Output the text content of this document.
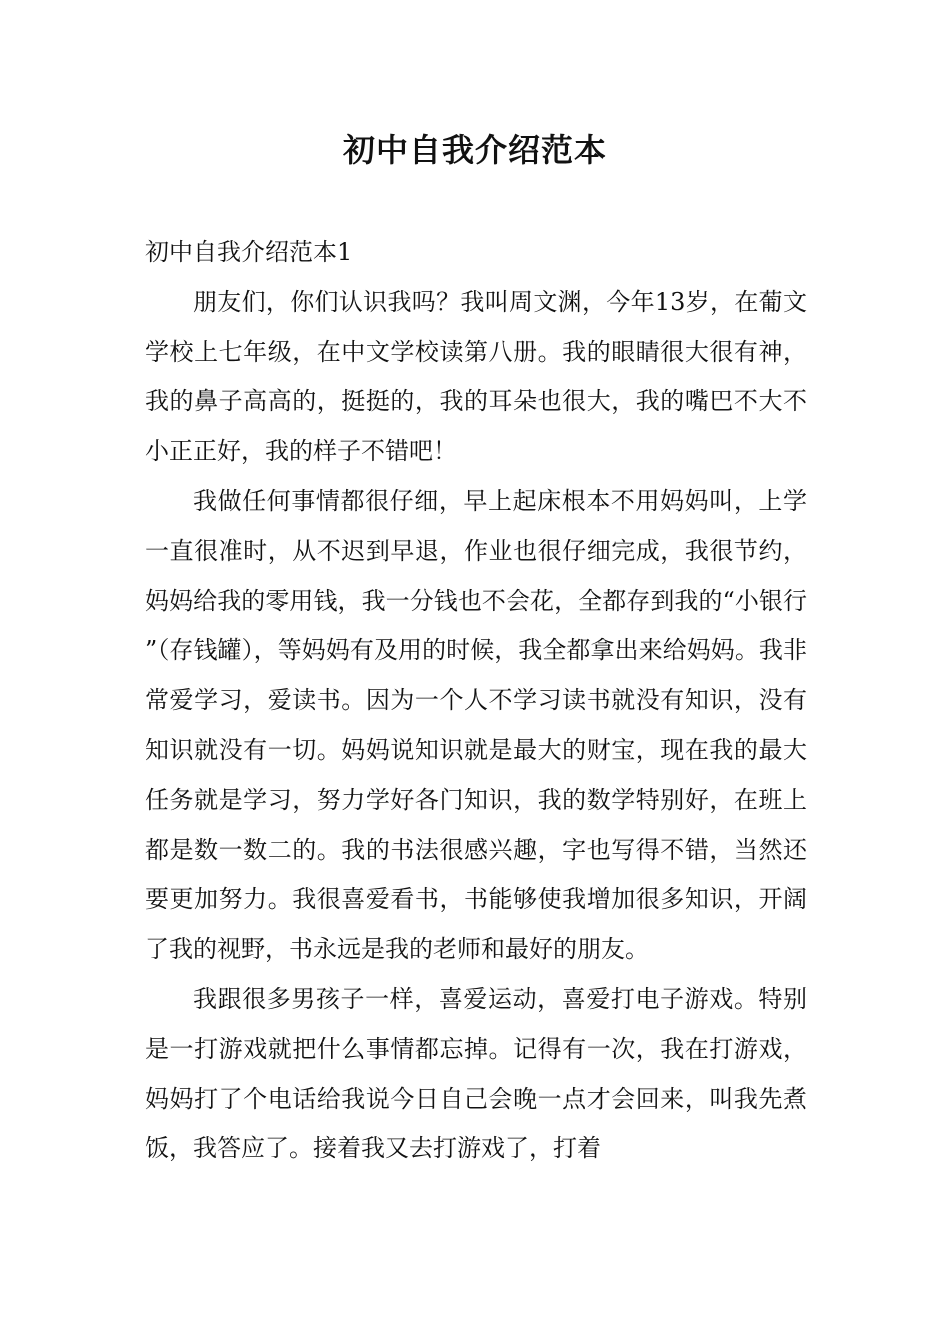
初中自我介绍范本

初中自我介绍范本1

朋友们，你们认识我吗？我叫周文渊，今年13岁，在葡文学校上七年级，在中文学校读第八册。我的眼睛很大很有神，我的鼻子高高的，挺挺的，我的耳朵也很大，我的嘴巴不大不小正正好，我的样子不错吧！

我做任何事情都很仔细，早上起床根本不用妈妈叫，上学一直很准时，从不迟到早退，作业也很仔细完成，我很节约，妈妈给我的零用钱，我一分钱也不会花，全都存到我的“小银行”（存钱罐），等妈妈有及用的时候，我全都拿出来给妈妈。我非常爱学习，爱读书。因为一个人不学习读书就没有知识，没有知识就没有一切。妈妈说知识就是最大的财宝，现在我的最大任务就是学习，努力学好各门知识，我的数学特别好，在班上都是数一数二的。我的书法很感兴趣，字也写得不错，当然还要更加努力。我很喜爱看书，书能够使我增加很多知识，开阔了我的视野，书永远是我的老师和最好的朋友。

我跟很多男孩子一样，喜爱运动，喜爱打电子游戏。特别是一打游戏就把什么事情都忘掉。记得有一次，我在打游戏，妈妈打了个电话给我说今日自己会晚一点才会回来，叫我先煮饭，我答应了。接着我又去打游戏了，打着
